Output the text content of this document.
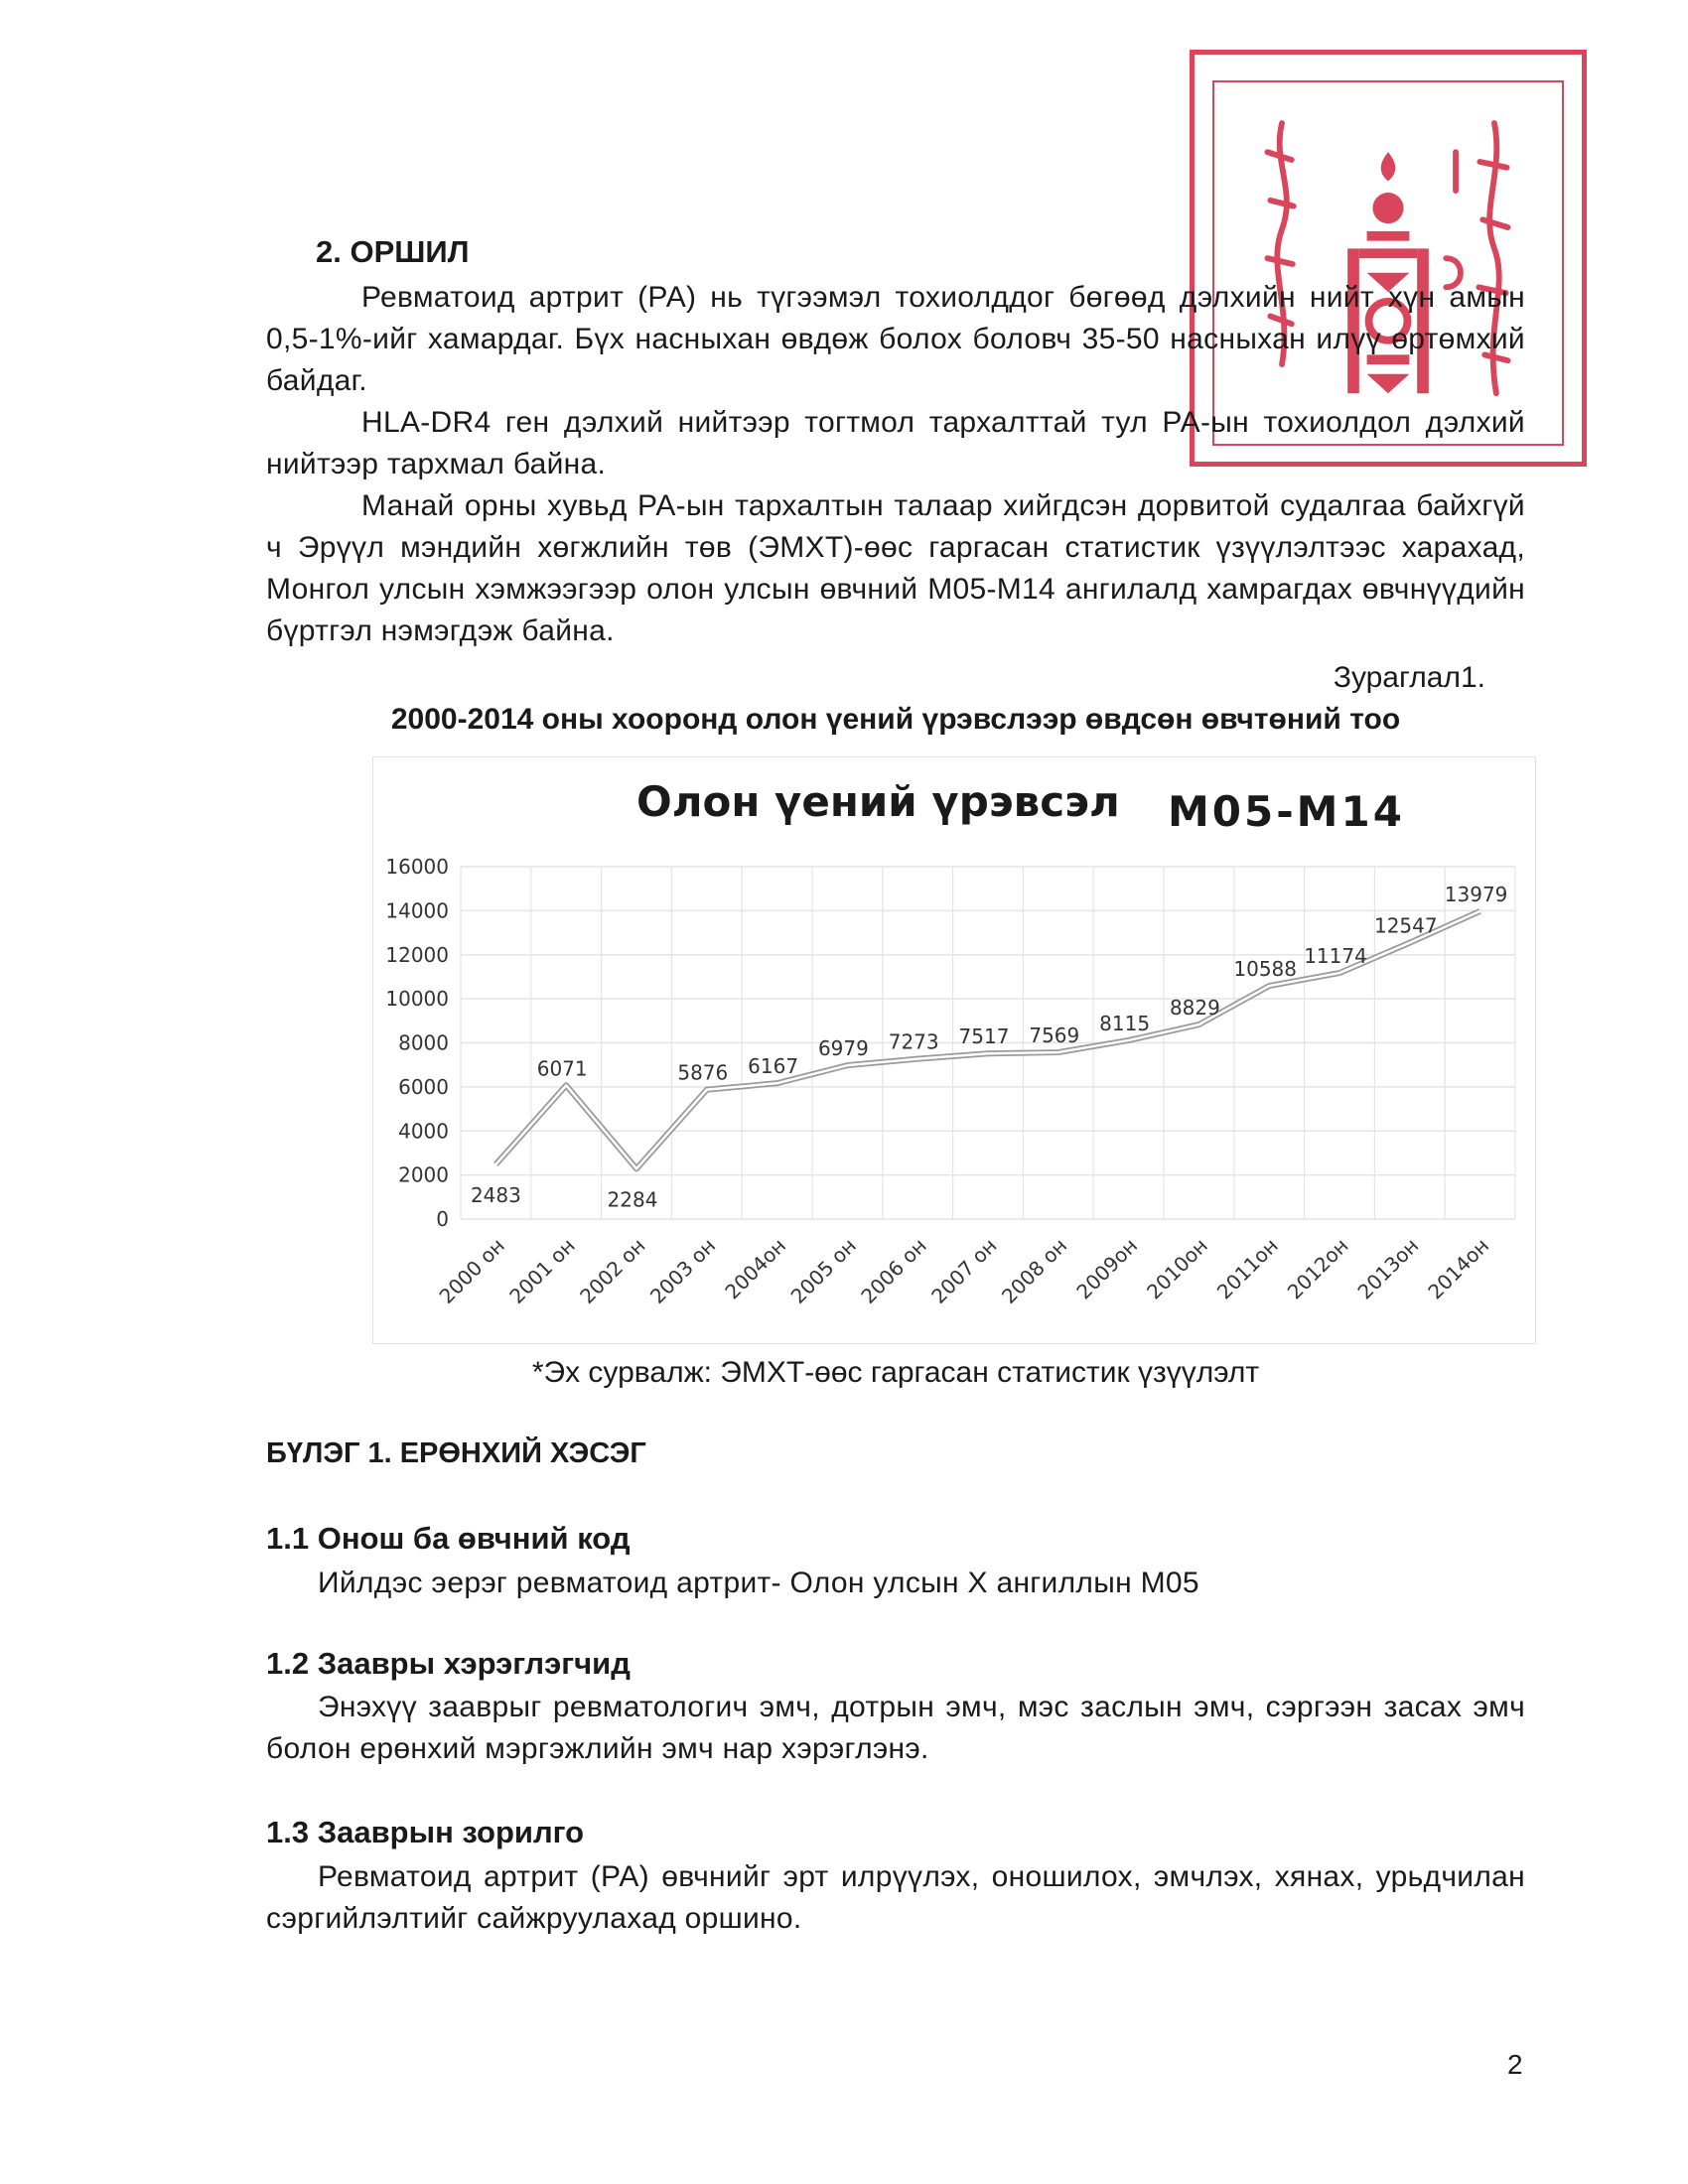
2. ОРШИЛ

Ревматоид артрит (РА) нь түгээмэл тохиолддог бөгөөд дэлхийн нийт хүн амын 0,5-1%-ийг хамардаг. Бүх насныхан өвдөж болох боловч 35-50 насныхан илүү өртөмхий байдаг.

HLA-DR4 ген дэлхий нийтээр тогтмол тархалттай тул РА-ын тохиолдол дэлхий нийтээр тархмал байна.

Манай орны хувьд РА-ын тархалтын талаар хийгдсэн дорвитой судалгаа байхгүй ч Эрүүл мэндийн хөгжлийн төв (ЭМХТ)-өөс гаргасан статистик үзүүлэлтээс харахад, Монгол улсын хэмжээгээр олон улсын өвчний М05-М14 ангилалд хамрагдах өвчнүүдийн бүртгэл нэмэгдэж байна.

Зураглал1.
2000-2014 оны хооронд олон үений үрэвслээр өвдсөн өвчтөний тоо
Олон үений үрэвсэл М05-М14
0
2000
4000
6000
8000
10000
12000
14000
16000
2000 он
2001 он
2002 он
2003 он 2004он
2005 он
2006 он
2007 он
2008 он 2009он 2010он 2011он 2012он 2013он 2014он
2483
6071
2284
5876 6167
6979 7273 7517 7569
8115
8829
10588
11174
12547
13979
*Эх сурвалж: ЭМХТ-өөс гаргасан статистик үзүүлэлт

БҮЛЭГ 1. ЕРӨНХИЙ ХЭСЭГ

1.1 Онош ба өвчний код

Ийлдэс эерэг ревматоид артрит- Олон улсын Х ангиллын М05

1.2 Заавры хэрэглэгчид

Энэхүү зааврыг ревматологич эмч, дотрын эмч, мэс заслын эмч, сэргээн засах эмч болон ерөнхий мэргэжлийн эмч нар хэрэглэнэ.

1.3 Зааврын зорилго

Ревматоид артрит (РА) өвчнийг эрт илрүүлэх, оношилох, эмчлэх, хянах, урьдчилан сэргийлэлтийг сайжруулахад оршино.

2
